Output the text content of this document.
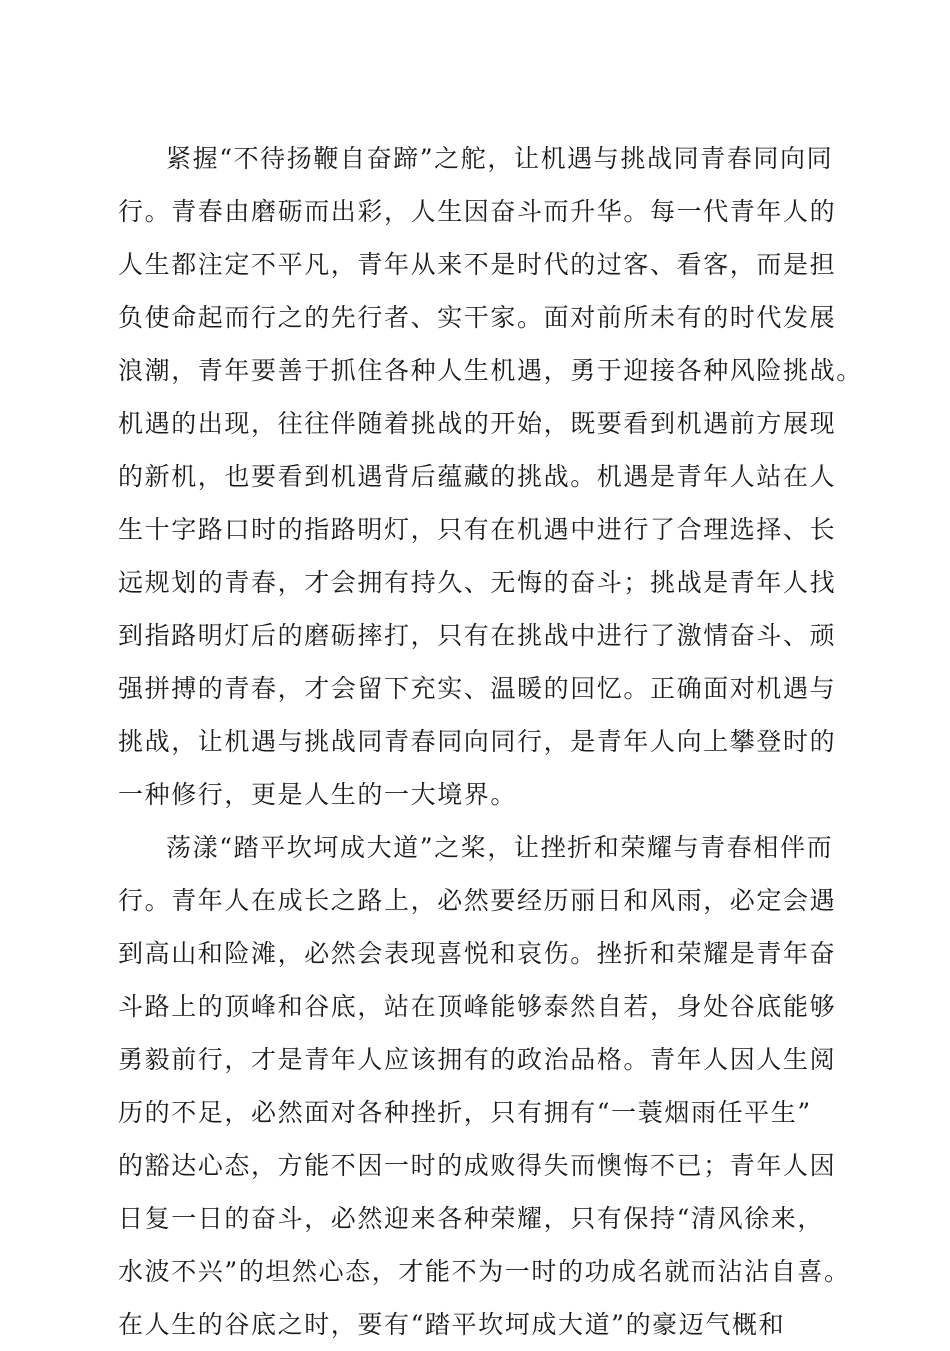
紧握“不待扬鞭自奋蹄”之舵，让机遇与挑战同青春同向同
行。青春由磨砺而出彩，人生因奋斗而升华。每一代青年人的
人生都注定不平凡，青年从来不是时代的过客、看客，而是担
负使命起而行之的先行者、实干家。面对前所未有的时代发展
浪潮，青年要善于抓住各种人生机遇，勇于迎接各种风险挑战。
机遇的出现，往往伴随着挑战的开始，既要看到机遇前方展现
的新机，也要看到机遇背后蕴藏的挑战。机遇是青年人站在人
生十字路口时的指路明灯，只有在机遇中进行了合理选择、长
远规划的青春，才会拥有持久、无悔的奋斗；挑战是青年人找
到指路明灯后的磨砺摔打，只有在挑战中进行了激情奋斗、顽
强拼搏的青春，才会留下充实、温暖的回忆。正确面对机遇与
挑战，让机遇与挑战同青春同向同行，是青年人向上攀登时的
一种修行，更是人生的一大境界。
荡漾“踏平坎坷成大道”之桨，让挫折和荣耀与青春相伴而
行。青年人在成长之路上，必然要经历丽日和风雨，必定会遇
到高山和险滩，必然会表现喜悦和哀伤。挫折和荣耀是青年奋
斗路上的顶峰和谷底，站在顶峰能够泰然自若，身处谷底能够
勇毅前行，才是青年人应该拥有的政治品格。青年人因人生阅
历的不足，必然面对各种挫折，只有拥有“一蓑烟雨任平生”
的豁达心态，方能不因一时的成败得失而懊悔不已；青年人因
日复一日的奋斗，必然迎来各种荣耀，只有保持“清风徐来，
水波不兴”的坦然心态，才能不为一时的功成名就而沾沾自喜。
在人生的谷底之时，要有“踏平坎坷成大道”的豪迈气概和
